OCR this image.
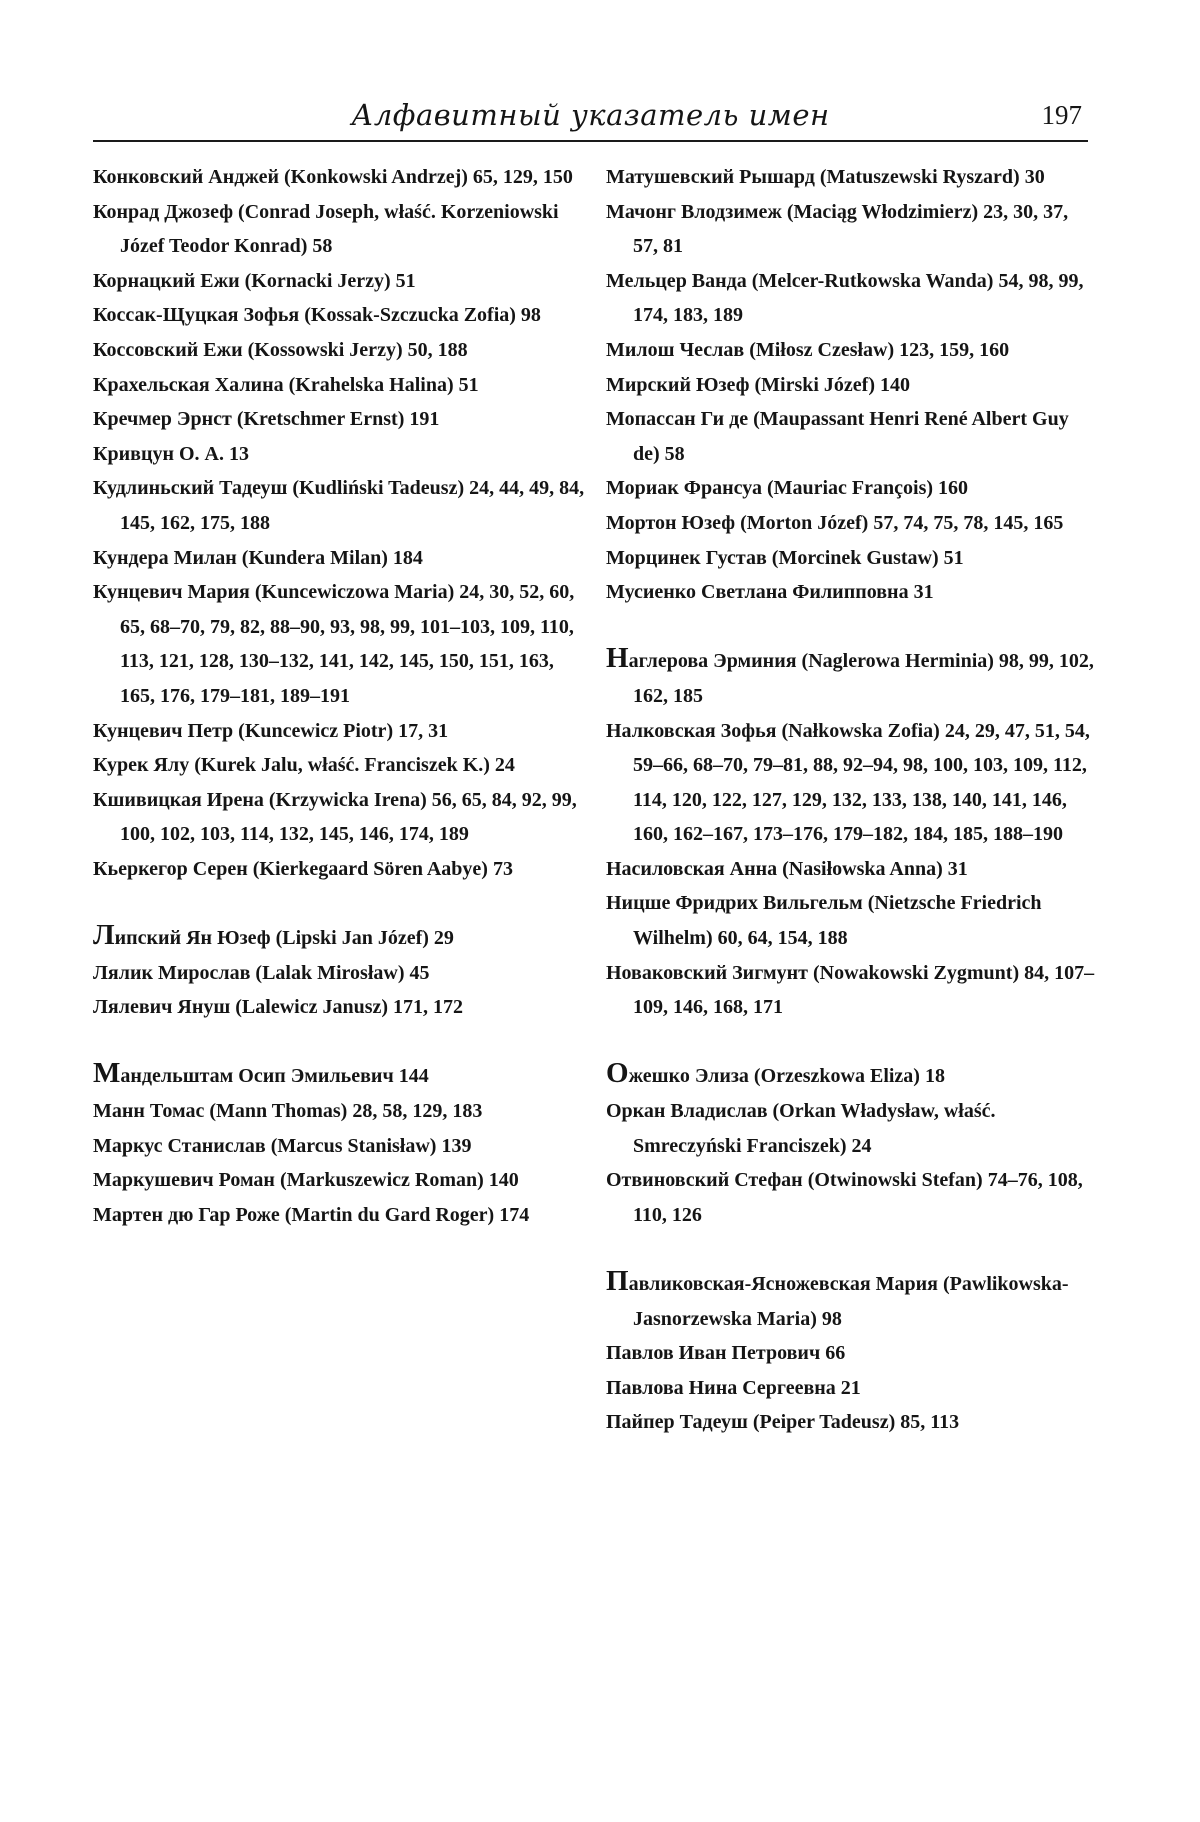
Алфавитный указатель имен	197
Конковский Анджей (Konkowski Andrzej) 65, 129, 150
Конрад Джозеф (Conrad Joseph, właść. Korzeniowski Józef Teodor Konrad) 58
Корнацкий Ежи (Kornacki Jerzy) 51
Коссак-Щуцкая Зофья (Kossak-Szczucka Zofia) 98
Коссовский Ежи (Kossowski Jerzy) 50, 188
Крахельская Халина (Krahelska Halina) 51
Кречмер Эрнст (Kretschmer Ernst) 191
Кривцун О. А. 13
Кудлиньский Тадеуш (Kudliński Tadeusz) 24, 44, 49, 84, 145, 162, 175, 188
Кундера Милан (Kundera Milan) 184
Кунцевич Мария (Kuncewiczowa Maria) 24, 30, 52, 60, 65, 68–70, 79, 82, 88–90, 93, 98, 99, 101–103, 109, 110, 113, 121, 128, 130–132, 141, 142, 145, 150, 151, 163, 165, 176, 179–181, 189–191
Кунцевич Петр (Kuncewicz Piotr) 17, 31
Курек Ялу (Kurek Jalu, właść. Franciszek K.) 24
Кшивицкая Ирена (Krzywicka Irena) 56, 65, 84, 92, 99, 100, 102, 103, 114, 132, 145, 146, 174, 189
Кьеркегор Серен (Kierkegaard Sören Aabye) 73
Липский Ян Юзеф (Lipski Jan Józef) 29
Лялик Мирослав (Lalak Mirosław) 45
Лялевич Януш (Lalewicz Janusz) 171, 172
Мандельштам Осип Эмильевич 144
Манн Томас (Mann Thomas) 28, 58, 129, 183
Маркус Станислав (Marcus Stanisław) 139
Маркушевич Роман (Markuszewicz Roman) 140
Мартен дю Гар Роже (Martin du Gard Roger) 174
Матушевский Рышард (Matuszewski Ryszard) 30
Мачонг Влодзимеж (Maciąg Włodzimierz) 23, 30, 37, 57, 81
Мельцер Ванда (Melcer-Rutkowska Wanda) 54, 98, 99, 174, 183, 189
Милош Чеслав (Miłosz Czesław) 123, 159, 160
Мирский Юзеф (Mirski Józef) 140
Мопассан Ги де (Maupassant Henri René Albert Guy de) 58
Мориак Франсуа (Mauriac François) 160
Мортон Юзеф (Morton Józef) 57, 74, 75, 78, 145, 165
Морцинек Густав (Morcinek Gustaw) 51
Мусиенко Светлана Филипповна 31
Наглерова Эрминия (Naglerowa Herminia) 98, 99, 102, 162, 185
Налковская Зофья (Nałkowska Zofia) 24, 29, 47, 51, 54, 59–66, 68–70, 79–81, 88, 92–94, 98, 100, 103, 109, 112, 114, 120, 122, 127, 129, 132, 133, 138, 140, 141, 146, 160, 162–167, 173–176, 179–182, 184, 185, 188–190
Насиловская Анна (Nasiłowska Anna) 31
Ницше Фридрих Вильгельм (Nietzsche Friedrich Wilhelm) 60, 64, 154, 188
Новаковский Зигмунт (Nowakowski Zygmunt) 84, 107–109, 146, 168, 171
Ожешко Элиза (Orzeszkowa Eliza) 18
Оркан Владислав (Orkan Władysław, właść. Smreczyński Franciszek) 24
Отвиновский Стефан (Otwinowski Stefan) 74–76, 108, 110, 126
Павликовская-Ясножевская Мария (Pawlikowska-Jasnorzewska Maria) 98
Павлов Иван Петрович 66
Павлова Нина Сергеевна 21
Пайпер Тадеуш (Peiper Tadeusz) 85, 113
